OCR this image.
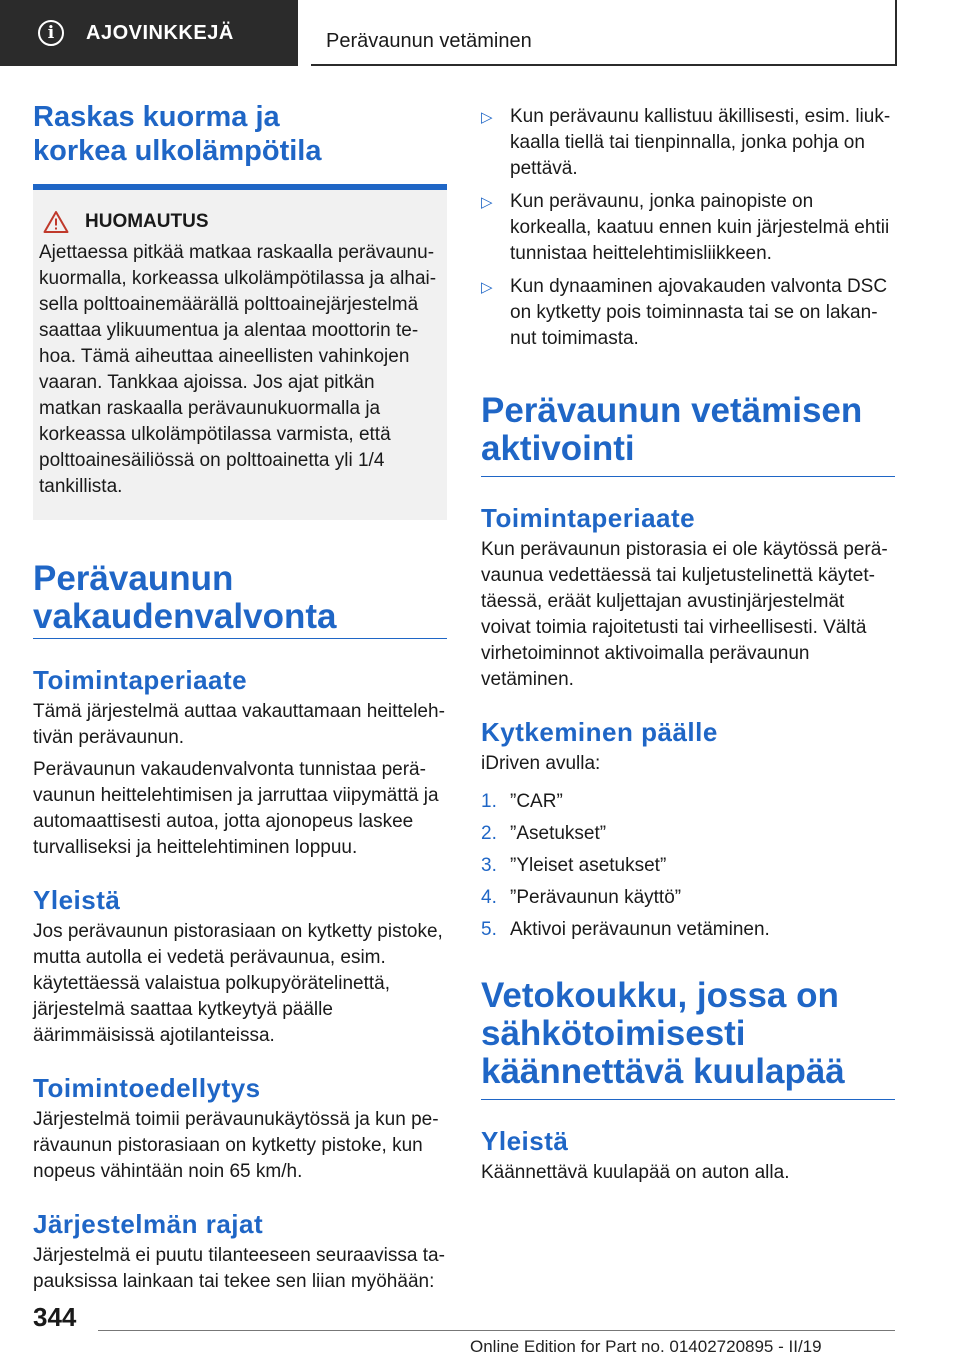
i	AJOVINKKEJÄ	Perävaunun vetäminen
Raskas kuorma ja korkea ulkolämpötila
HUOMAUTUS

Ajettaessa pitkää matkaa raskaalla perävaunukuormalla, korkeassa ulkolämpötilassa ja alhaisella polttoainemäärällä polttoainejärjestelmä saattaa ylikuumentua ja alentaa moottorin tehoa. Tämä aiheuttaa aineellisten vahinkojen vaaran. Tankkaa ajoissa. Jos ajat pitkän matkan raskaalla perävaunukuormalla ja korkeassa ulkolämpötilassa varmista, että polttoainesäiliössä on polttoainetta yli 1/4 tankillista.

Perävaunun vakaudenvalvonta
Toimintaperiaate

Tämä järjestelmä auttaa vakauttamaan heittelehtivän perävaunun.

Perävaunun vakaudenvalvonta tunnistaa perävaunun heittelehtimisen ja jarruttaa viipymättä ja automaattisesti autoa, jotta ajonopeus laskee turvalliseksi ja heittelehtiminen loppuu.

Yleistä

Jos perävaunun pistorasiaan on kytketty pistoke, mutta autolla ei vedetä perävaunua, esim. käytettäessä valaistua polkupyörätelinettä, järjestelmä saattaa kytkeytyä päälle äärimmäisissä ajotilanteissa.

Toimintoedellytys

Järjestelmä toimii perävaunukäytössä ja kun perävaunun pistorasiaan on kytketty pistoke, kun nopeus vähintään noin 65 km/h.

Järjestelmän rajat

Järjestelmä ei puutu tilanteeseen seuraavissa tapauksissa lainkaan tai tekee sen liian myöhään:

▷ Kun perävaunu kallistuu äkillisesti, esim. liukkaalla tiellä tai tienpinnalla, jonka pohja on pettävä.
▷ Kun perävaunu, jonka painopiste on korkealla, kaatuu ennen kuin järjestelmä ehtii tunnistaa heittelehtimisliikkeen.
▷ Kun dynaaminen ajovakauden valvonta DSC on kytketty pois toiminnasta tai se on lakannut toimimasta.
Perävaunun vetämisen aktivointi
Toimintaperiaate

Kun perävaunun pistorasia ei ole käytössä perävaunua vedettäessä tai kuljetustelinettä käytettäessä, eräät kuljettajan avustinjärjestelmät voivat toimia rajoitetusti tai virheellisesti. Vältä virhetoiminnot aktivoimalla perävaunun vetäminen.

Kytkeminen päälle

iDriven avulla:

1. ”CAR”
2. ”Asetukset”
3. ”Yleiset asetukset”
4. ”Perävaunun käyttö”
5. Aktivoi perävaunun vetäminen.
Vetokoukku, jossa on sähkötoimisesti käännettävä kuulapää
Yleistä

Käännettävä kuulapää on auton alla.

344
Online Edition for Part no. 01402720895 - II/19
